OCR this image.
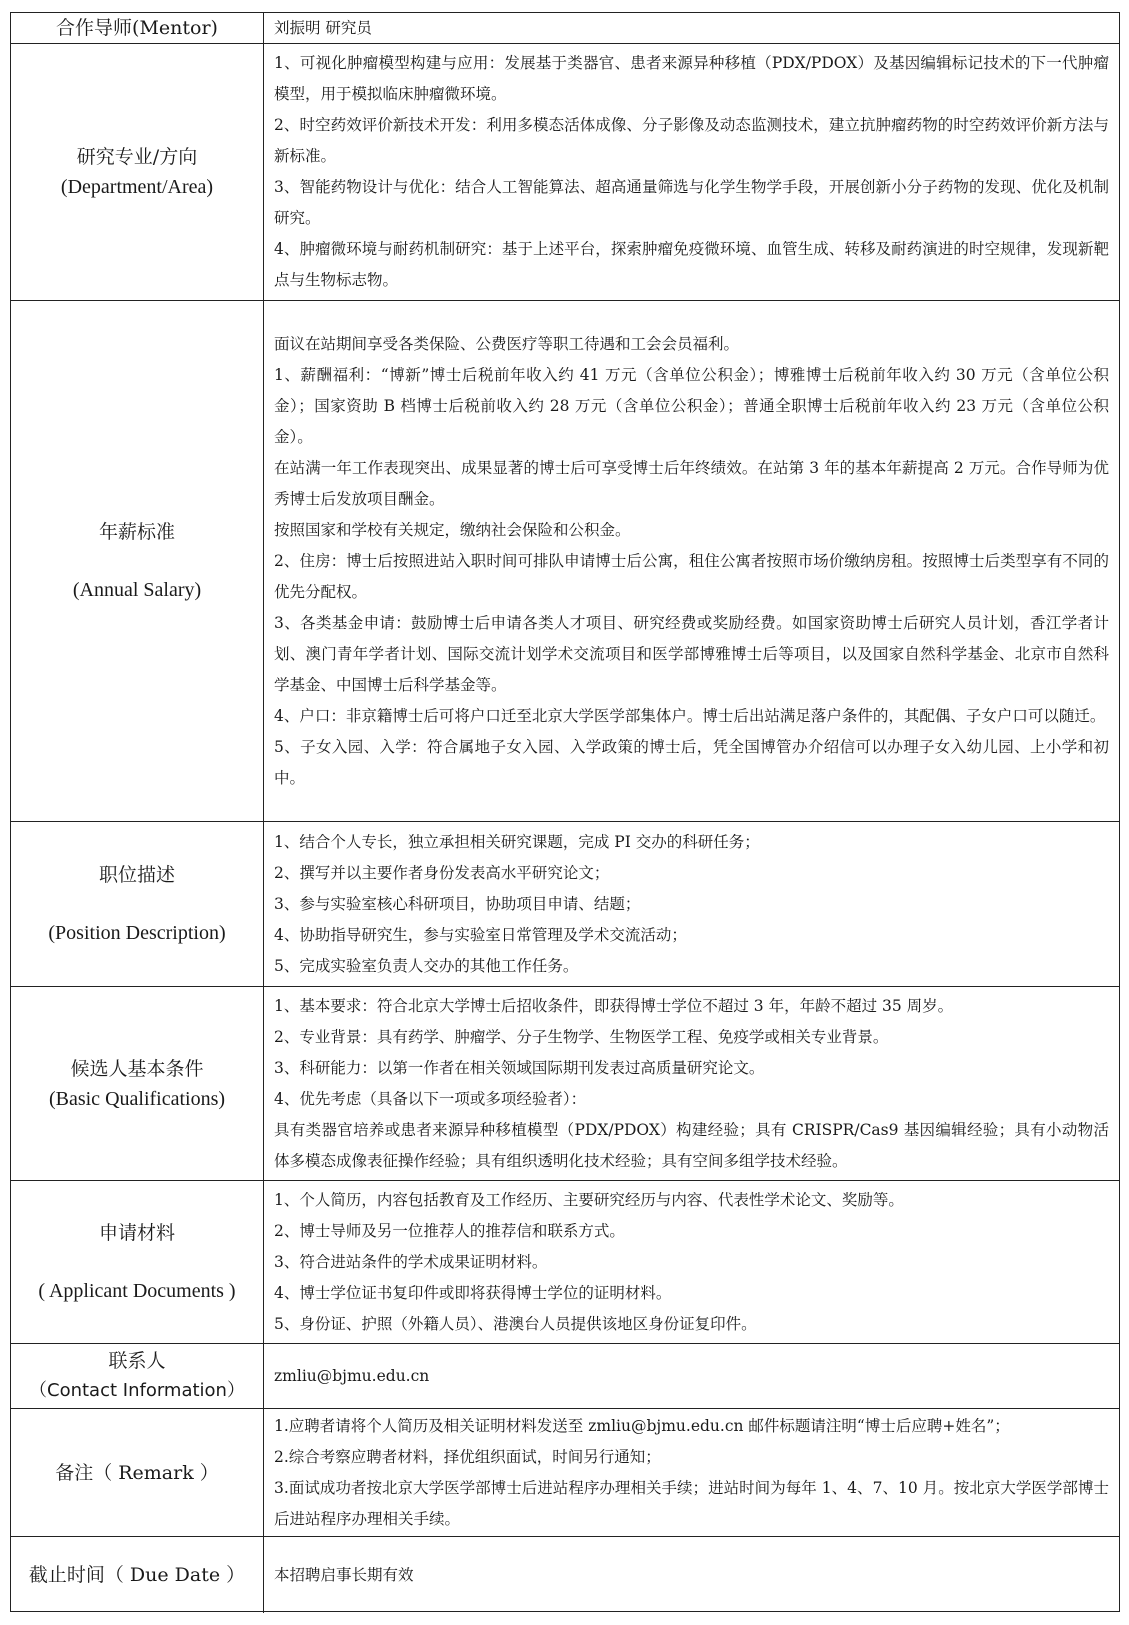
合作导师(Mentor)	刘振明 研究员

研究专业/方向
(Department/Area)

1、可视化肿瘤模型构建与应用：发展基于类器官、患者来源异种移植（PDX/PDOX）及基因编辑标记技术的下一代肿瘤模型，用于模拟临床肿瘤微环境。

2、时空药效评价新技术开发：利用多模态活体成像、分子影像及动态监测技术，建立抗肿瘤药物的时空药效评价新方法与新标准。

3、智能药物设计与优化：结合人工智能算法、超高通量筛选与化学生物学手段，开展创新小分子药物的发现、优化及机制研究。

4、肿瘤微环境与耐药机制研究：基于上述平台，探索肿瘤免疫微环境、血管生成、转移及耐药演进的时空规律，发现新靶点与生物标志物。

年薪标准
(Annual Salary)

面议在站期间享受各类保险、公费医疗等职工待遇和工会会员福利。

1、薪酬福利：“博新”博士后税前年收入约 41 万元（含单位公积金）；博雅博士后税前年收入约 30 万元（含单位公积金）；国家资助 B 档博士后税前收入约 28 万元（含单位公积金）；普通全职博士后税前年收入约 23 万元（含单位公积金）。

在站满一年工作表现突出、成果显著的博士后可享受博士后年终绩效。在站第 3 年的基本年薪提高 2 万元。合作导师为优秀博士后发放项目酬金。

按照国家和学校有关规定，缴纳社会保险和公积金。

2、住房：博士后按照进站入职时间可排队申请博士后公寓，租住公寓者按照市场价缴纳房租。按照博士后类型享有不同的优先分配权。

3、各类基金申请：鼓励博士后申请各类人才项目、研究经费或奖励经费。如国家资助博士后研究人员计划，香江学者计划、澳门青年学者计划、国际交流计划学术交流项目和医学部博雅博士后等项目，以及国家自然科学基金、北京市自然科学基金、中国博士后科学基金等。

4、户口：非京籍博士后可将户口迁至北京大学医学部集体户。博士后出站满足落户条件的，其配偶、子女户口可以随迁。

5、子女入园、入学：符合属地子女入园、入学政策的博士后，凭全国博管办介绍信可以办理子女入幼儿园、上小学和初中。

职位描述
(Position Description)

1、结合个人专长，独立承担相关研究课题，完成 PI 交办的科研任务；

2、撰写并以主要作者身份发表高水平研究论文；

3、参与实验室核心科研项目，协助项目申请、结题；

4、协助指导研究生，参与实验室日常管理及学术交流活动；

5、完成实验室负责人交办的其他工作任务。

候选人基本条件
(Basic Qualifications)

1、基本要求：符合北京大学博士后招收条件，即获得博士学位不超过 3 年，年龄不超过 35 周岁。

2、专业背景：具有药学、肿瘤学、分子生物学、生物医学工程、免疫学或相关专业背景。

3、科研能力：以第一作者在相关领域国际期刊发表过高质量研究论文。

4、优先考虑（具备以下一项或多项经验者）：

具有类器官培养或患者来源异种移植模型（PDX/PDOX）构建经验；具有 CRISPR/Cas9 基因编辑经验；具有小动物活体多模态成像表征操作经验；具有组织透明化技术经验；具有空间多组学技术经验。

申请材料
( Applicant Documents )

1、个人简历，内容包括教育及工作经历、主要研究经历与内容、代表性学术论文、奖励等。

2、博士导师及另一位推荐人的推荐信和联系方式。

3、符合进站条件的学术成果证明材料。

4、博士学位证书复印件或即将获得博士学位的证明材料。

5、身份证、护照（外籍人员）、港澳台人员提供该地区身份证复印件。

联系人
（Contact Information）

zmliu@bjmu.edu.cn

备注（ Remark ）

1.应聘者请将个人简历及相关证明材料发送至 zmliu@bjmu.edu.cn 邮件标题请注明“博士后应聘+姓名”；

2.综合考察应聘者材料，择优组织面试，时间另行通知；

3.面试成功者按北京大学医学部博士后进站程序办理相关手续；进站时间为每年 1、4、7、10 月。按北京大学医学部博士后进站程序办理相关手续。

截止时间（ Due Date ） 本招聘启事长期有效
